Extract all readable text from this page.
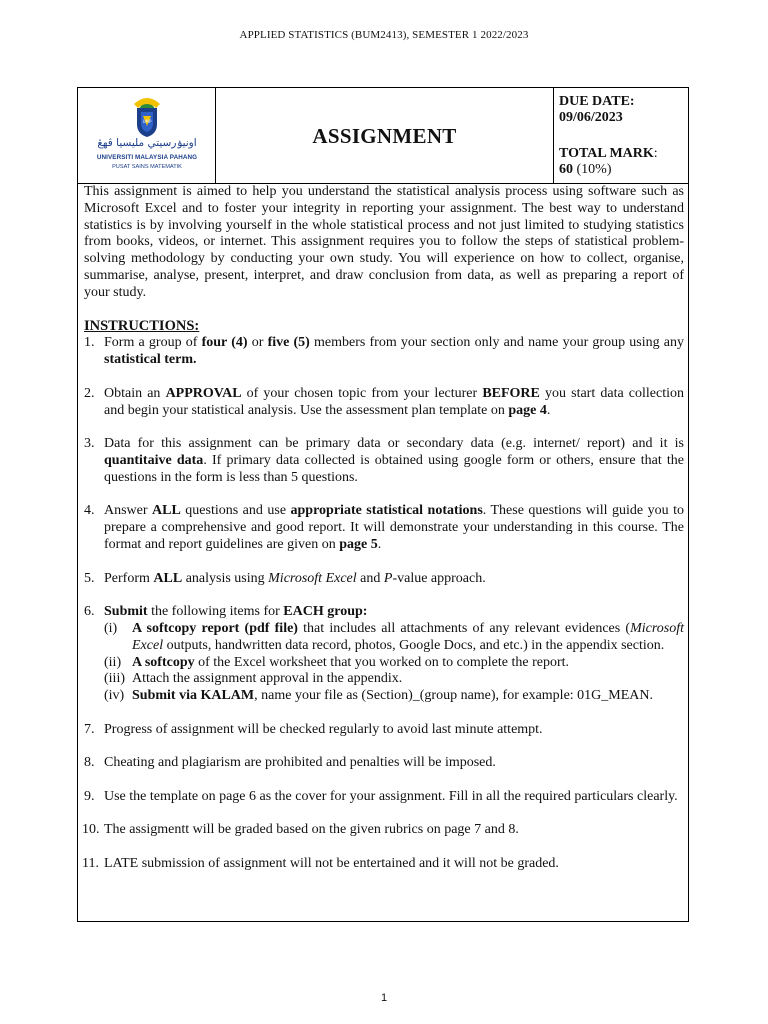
APPLIED STATISTICS (BUM2413), SEMESTER 1 2022/2023
UMP
اونيۏرسيتي مليسيا ڤهڠ
UNIVERSITI MALAYSIA PAHANG
PUSAT SAINS MATEMATIK
ASSIGNMENT
DUE DATE:
09/06/2023
TOTAL MARK:
60 (10%)

This assignment is aimed to help you understand the statistical analysis process using software such as Microsoft Excel and to foster your integrity in reporting your assignment. The best way to understand statistics is by involving yourself in the whole statistical process and not just limited to studying statistics from books, videos, or internet. This assignment requires you to follow the steps of statistical problem-solving methodology by conducting your own study. You will experience on how to collect, organise, summarise, analyse, present, interpret, and draw conclusion from data, as well as preparing a report of your study.

INSTRUCTIONS:
1. Form a group of four (4) or five (5) members from your section only and name your group using any statistical term.
2. Obtain an APPROVAL of your chosen topic from your lecturer BEFORE you start data collection and begin your statistical analysis. Use the assessment plan template on page 4.
3. Data for this assignment can be primary data or secondary data (e.g. internet/ report) and it is quantitaive data. If primary data collected is obtained using google form or others, ensure that the questions in the form is less than 5 questions.
4. Answer ALL questions and use appropriate statistical notations. These questions will guide you to prepare a comprehensive and good report. It will demonstrate your understanding in this course. The format and report guidelines are given on page 5.
5. Perform ALL analysis using Microsoft Excel and P-value approach.
6. Submit the following items for EACH group:
(i) A softcopy report (pdf file) that includes all attachments of any relevant evidences (Microsoft Excel outputs, handwritten data record, photos, Google Docs, and etc.) in the appendix section.
(ii) A softcopy of the Excel worksheet that you worked on to complete the report.
(iii) Attach the assignment approval in the appendix.
(iv) Submit via KALAM, name your file as (Section)_(group name), for example: 01G_MEAN.
7. Progress of assignment will be checked regularly to avoid last minute attempt.
8. Cheating and plagiarism are prohibited and penalties will be imposed.
9. Use the template on page 6 as the cover for your assignment. Fill in all the required particulars clearly.
10. The assigmentt will be graded based on the given rubrics on page 7 and 8.
11. LATE submission of assignment will not be entertained and it will not be graded.
1
